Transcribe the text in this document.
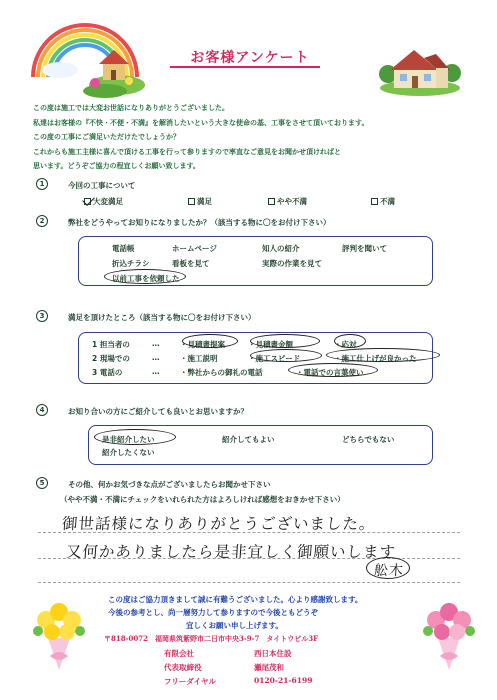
お客様アンケート
この度は施工では大変お世話になりありがとうございました。
私達はお客様の『不快・不便・不満』を解消したいという大きな使命の基、工事をさせて頂いております。
この度の工事にご満足いただけたでしょうか？
これからも施工主様に喜んで頂ける工事を行って参りますので率直なご意見をお聞かせ頂ければと
思います。どうぞご協力の程宜しくお願い致します。
1	今回の工事について
大変満足	満足	やや不満	不満
2	弊社をどうやってお知りになりましたか？（該当する物に〇をお付け下さい）
電話帳	ホームページ	知人の紹介	評判を聞いて
折込チラシ	看板を見て	実際の作業を見て
以前工事を依頼した
3	満足を頂けたところ（該当する物に〇をお付け下さい）
1 担当者の	…	・見積書提案	・見積書金額	・応対
2 現場での	…	・施工説明	・施工スピード	・施工仕上げが良かった
3 電話の	…	・弊社からの御礼の電話	・電話での言葉使い
4	お知り合いの方にご紹介しても良いとお思いますか？
是非紹介したい	紹介してもよい	どちらでもない
紹介したくない
5	その他、何かお気づきな点がございましたらお聞かせ下さい
（やや不満・不満にチェックをいれられた方はよろしければ感想をおきかせ下さい）
御世話様になりありがとうございました。
又何かありましたら是非宜しく御願いします
舩木
この度はご協力頂きまして誠に有難うございました。心より感謝致します。
今後の参考とし、尚一層努力して参りますので今後ともどうぞ
宜しくお願い申し上げます。
〒818-0072　福岡県筑紫野市二日市中央3-9-7　タイトウビル3F
有限会社	西日本住設
代表取締役	瀬尾茂和
フリーダイヤル	0120-21-6199
